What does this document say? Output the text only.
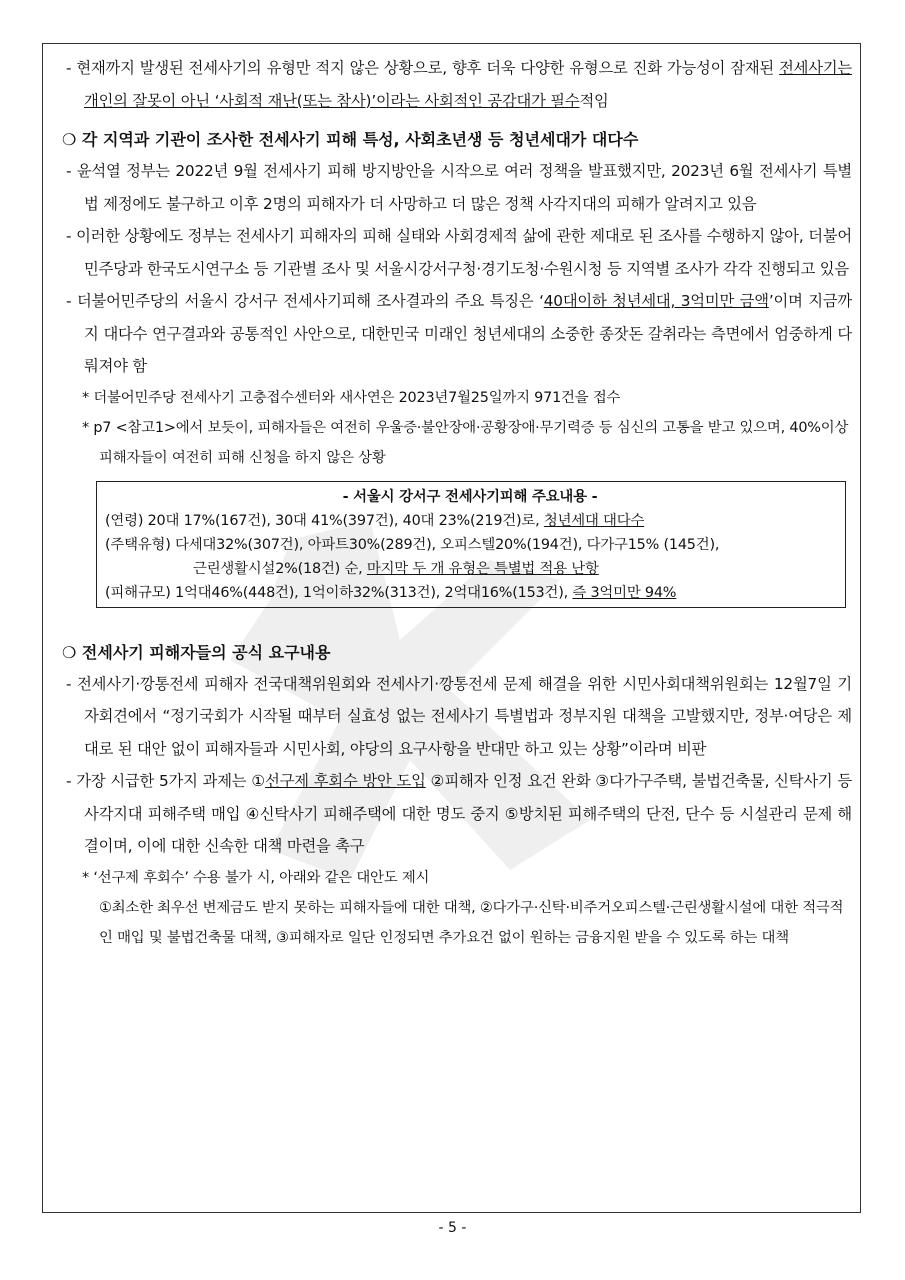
- 현재까지 발생된 전세사기의 유형만 적지 않은 상황으로, 향후 더욱 다양한 유형으로 진화 가능성이 잠재된 전세사기는 개인의 잘못이 아닌 ‘사회적 재난(또는 참사)’이라는 사회적인 공감대가 필수적임
❍ 각 지역과 기관이 조사한 전세사기 피해 특성, 사회초년생 등 청년세대가 대다수
- 윤석열 정부는 2022년 9월 전세사기 피해 방지방안을 시작으로 여러 정책을 발표했지만, 2023년 6월 전세사기 특별법 제정에도 불구하고 이후 2명의 피해자가 더 사망하고 더 많은 정책 사각지대의 피해가 알려지고 있음
- 이러한 상황에도 정부는 전세사기 피해자의 피해 실태와 사회경제적 삶에 관한 제대로 된 조사를 수행하지 않아, 더불어민주당과 한국도시연구소 등 기관별 조사 및 서울시강서구청·경기도청·수원시청 등 지역별 조사가 각각 진행되고 있음
- 더불어민주당의 서울시 강서구 전세사기피해 조사결과의 주요 특징은 ‘40대이하 청년세대, 3억미만 금액’이며 지금까지 대다수 연구결과와 공통적인 사안으로, 대한민국 미래인 청년세대의 소중한 종잣돈 갈취라는 측면에서 엄중하게 다뤄져야 함
* 더불어민주당 전세사기 고충접수센터와 새사연은 2023년7월25일까지 971건을 접수
* p7 <참고1>에서 보듯이, 피해자들은 여전히 우울증·불안장애·공황장애·무기력증 등 심신의 고통을 받고 있으며, 40%이상 피해자들이 여전히 피해 신청을 하지 않은 상황
- 서울시 강서구 전세사기피해 주요내용 -
(연령) 20대 17%(167건), 30대 41%(397건), 40대 23%(219건)로, 청년세대 대다수
(주택유형) 다세대32%(307건), 아파트30%(289건), 오피스텔20%(194건), 다가구15% (145건),
근린생활시설2%(18건) 순, 마지막 두 개 유형은 특별법 적용 난항
(피해규모) 1억대46%(448건), 1억이하32%(313건), 2억대16%(153건), 즉 3억미만 94%
❍ 전세사기 피해자들의 공식 요구내용
- 전세사기·깡통전세 피해자 전국대책위원회와 전세사기·깡통전세 문제 해결을 위한 시민사회대책위원회는 12월7일 기자회견에서 “정기국회가 시작될 때부터 실효성 없는 전세사기 특별법과 정부지원 대책을 고발했지만, 정부·여당은 제대로 된 대안 없이 피해자들과 시민사회, 야당의 요구사항을 반대만 하고 있는 상황”이라며 비판
- 가장 시급한 5가지 과제는 ①선구제 후회수 방안 도입 ②피해자 인정 요건 완화 ③다가구주택, 불법건축물, 신탁사기 등 사각지대 피해주택 매입 ④신탁사기 피해주택에 대한 명도 중지 ⑤방치된 피해주택의 단전, 단수 등 시설관리 문제 해결이며, 이에 대한 신속한 대책 마련을 촉구
* ‘선구제 후회수’ 수용 불가 시, 아래와 같은 대안도 제시
①최소한 최우선 변제금도 받지 못하는 피해자들에 대한 대책, ②다가구·신탁·비주거오피스텔·근린생활시설에 대한 적극적인 매입 및 불법건축물 대책, ③피해자로 일단 인정되면 추가요건 없이 원하는 금융지원 받을 수 있도록 하는 대책
- 5 -
